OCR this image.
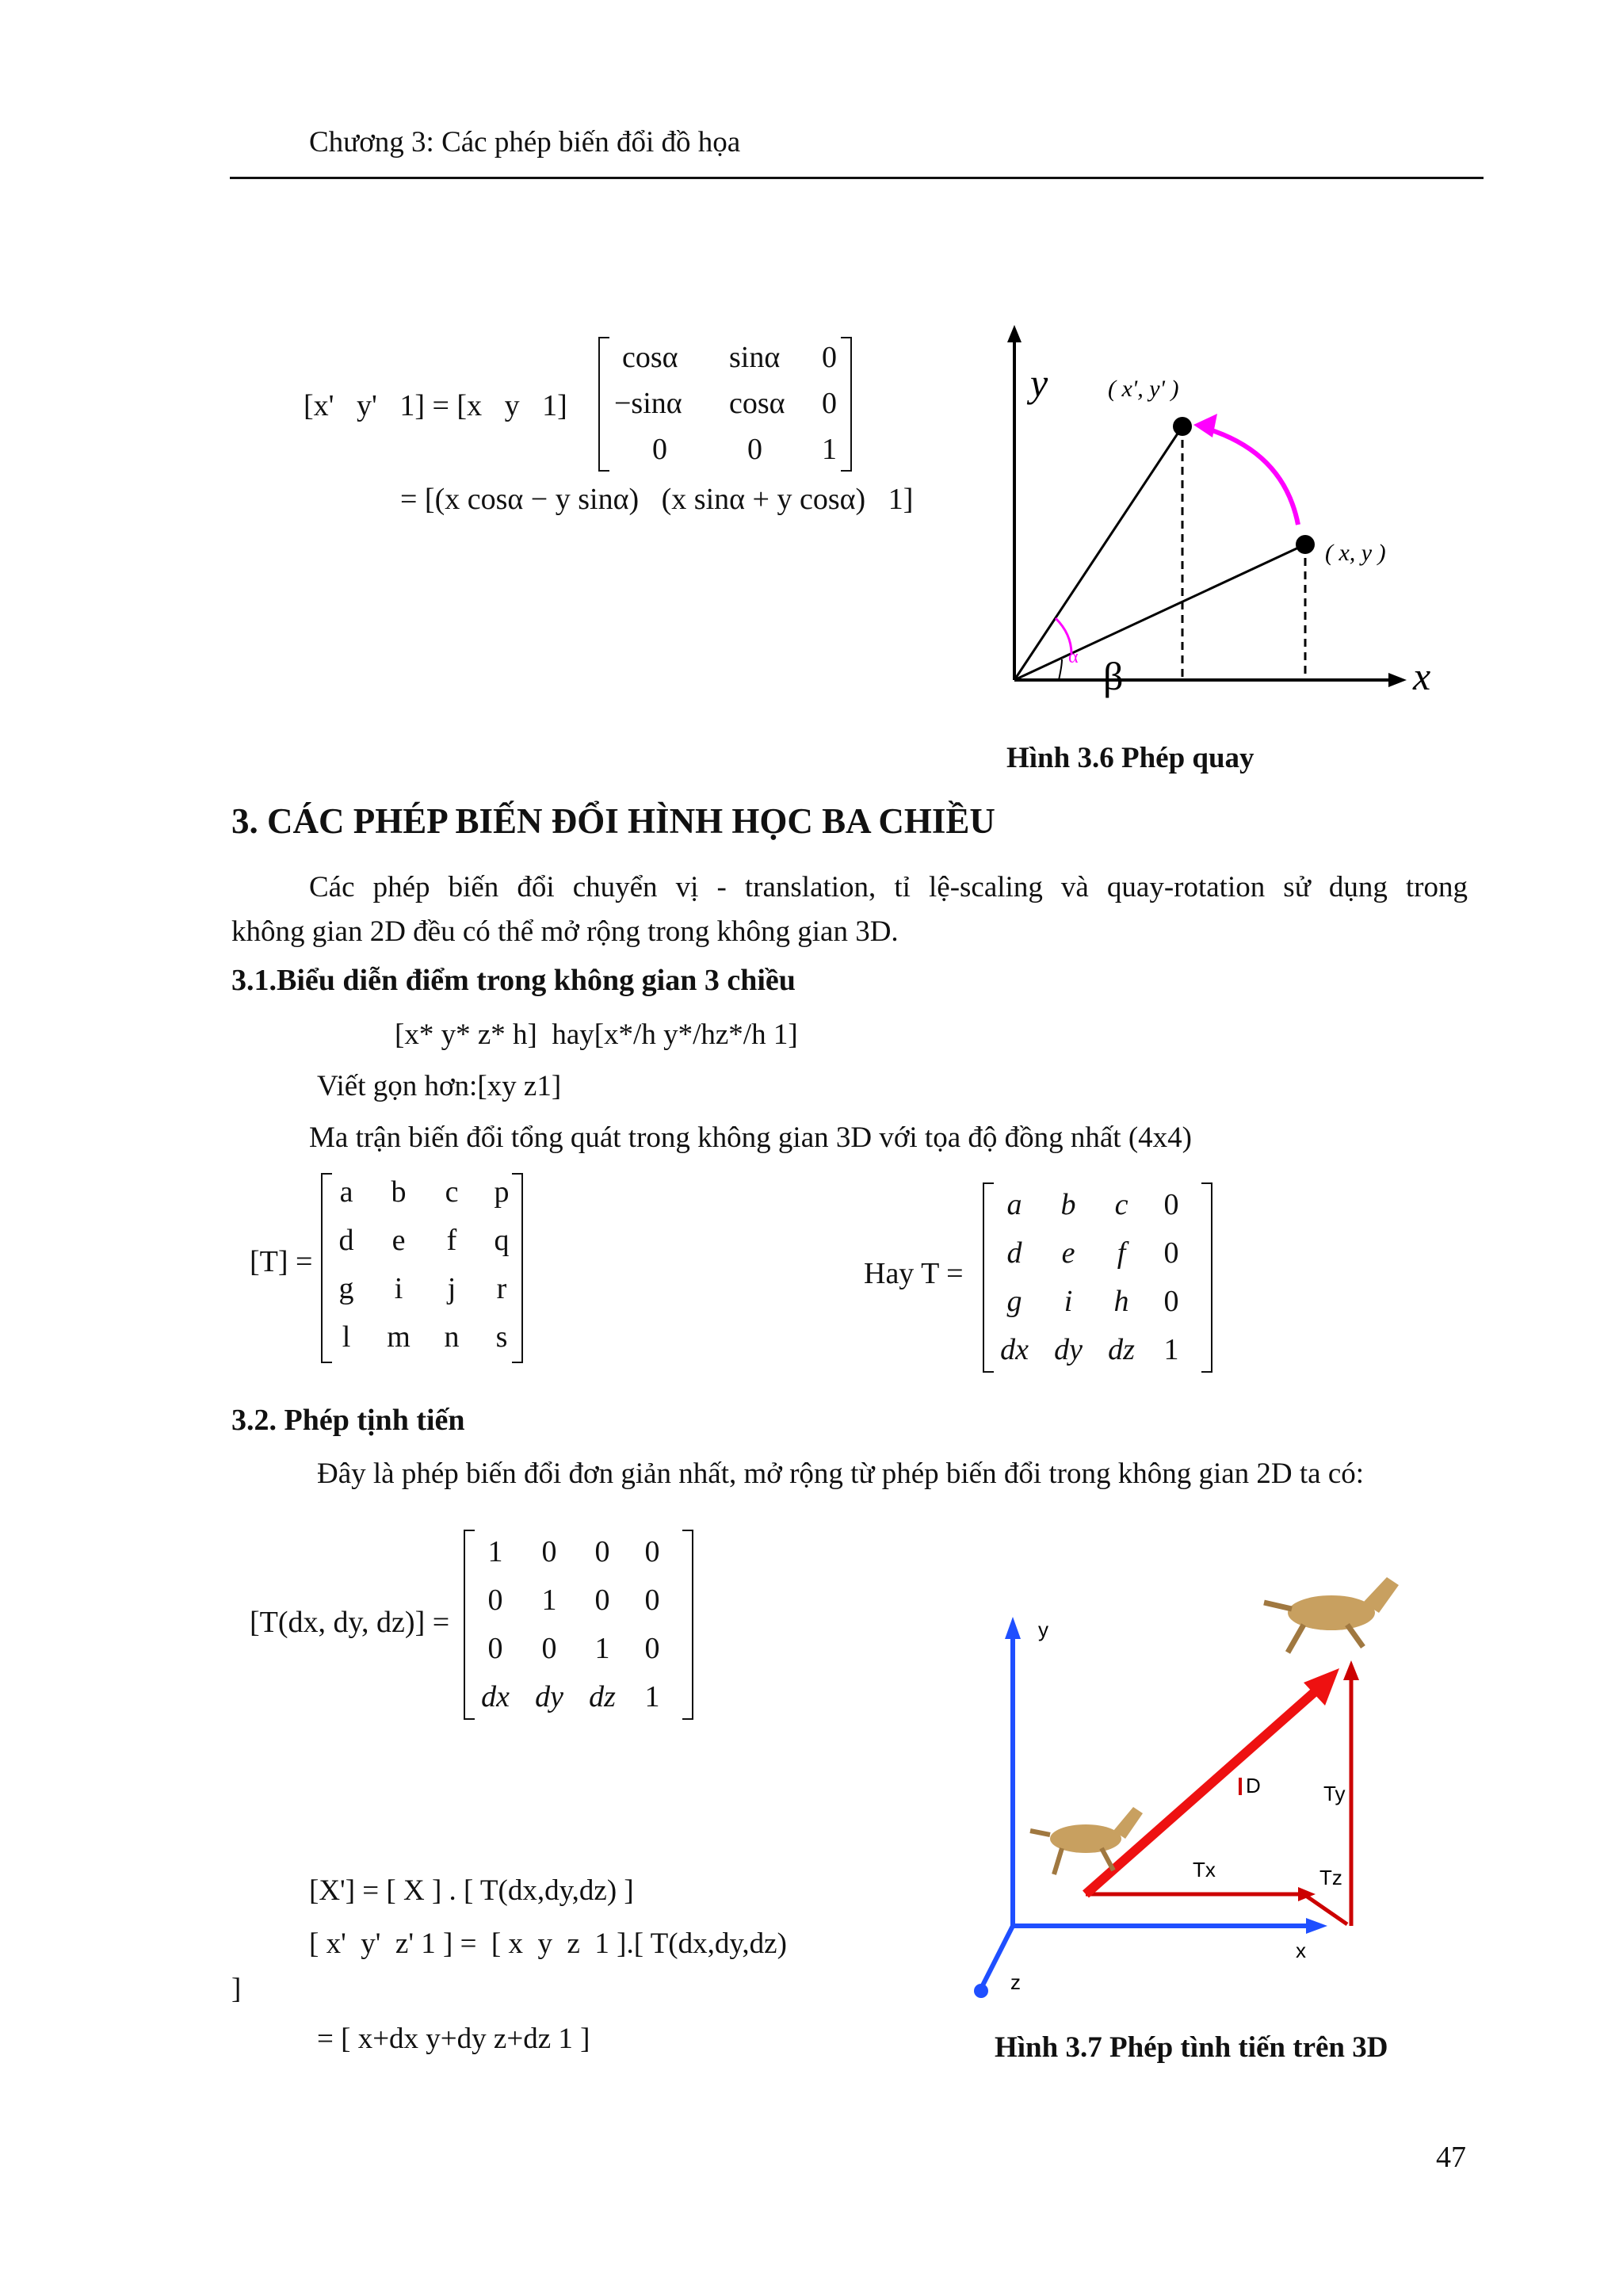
Chương 3: Các phép biến đổi đồ họa
[x'   y'   1] = [x   y   1]
cosα sinα 0
−sinα cosα 0
0	0 1
= [(x cosα − y sinα)   (x sinα + y cosα)   1]
y
x
( x', y' )
( x, y )
α β
Hình 3.6 Phép quay
3. CÁC PHÉP BIẾN ĐỔI HÌNH HỌC BA CHIỀU
Các phép biến đổi chuyển vị - translation, tỉ lệ-scaling và quay-rotation sử dụng trong
không gian 2D đều có thể mở rộng trong không gian 3D.
3.1.Biểu diễn điểm trong không gian 3 chiều
[x* y* z* h]  hay[x*/h y*/hz*/h 1]
Viết gọn hơn:[xy z1]
Ma trận biến đổi tổng quát trong không gian 3D với tọa độ đồng nhất (4x4)
[T] =
a	b	c	p
d	e	f	q
g	i	j	r
l	m	n	s
Hay T =
a	b	c	0
d	e	f	0
g	i	h	0
dx dy dz 1
3.2. Phép tịnh tiến
Đây là phép biến đổi đơn giản nhất, mở rộng từ phép biến đổi trong không gian 2D ta có:
[T(dx, dy, dz)] =
1	0	0	0
0	1	0	0
0	0	1	0
dx dy dz 1
[X'] = [ X ] . [ T(dx,dy,dz) ]
[ x'  y'  z' 1 ] =  [ x  y  z  1 ].[ T(dx,dy,dz)
]
= [ x+dx y+dy z+dz 1 ]
y
x
z
D	Ty
Tx	Tz
Hình 3.7 Phép tình tiến trên 3D
47
